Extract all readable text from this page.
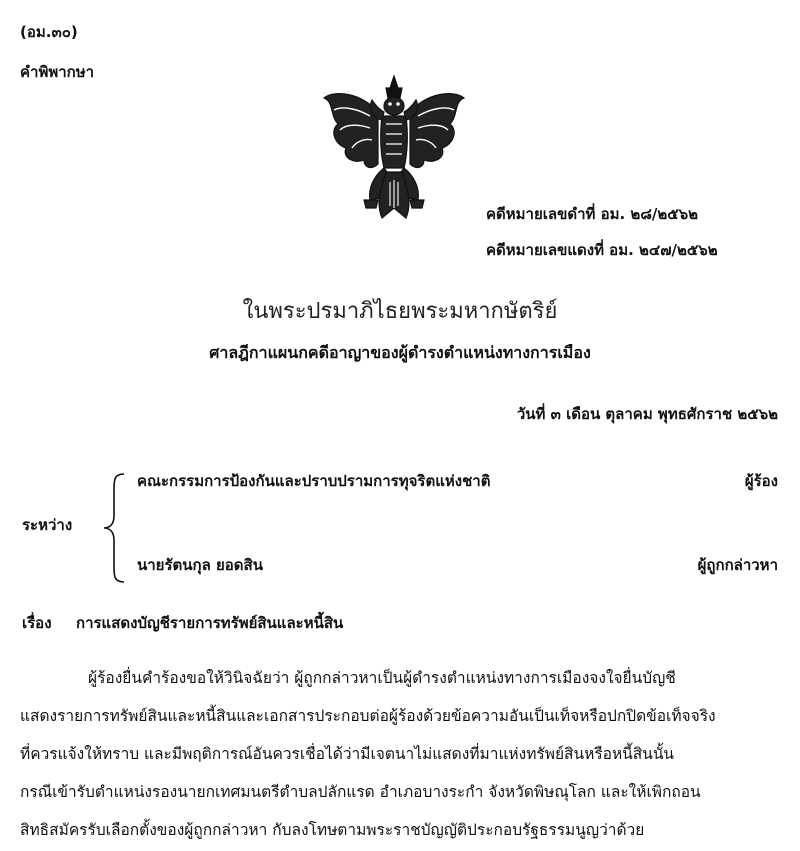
(อม.๓๐)
คำพิพากษา
คดีหมายเลขดำที่ อม. ๒๘/๒๕๖๒
คดีหมายเลขแดงที่ อม. ๒๔๗/๒๕๖๒
ในพระปรมาภิไธยพระมหากษัตริย์
ศาลฎีกาแผนกคดีอาญาของผู้ดำรงตำแหน่งทางการเมือง
วันที่ ๓ เดือน ตุลาคม พุทธศักราช ๒๕๖๒
ระหว่าง
คณะกรรมการป้องกันและปราบปรามการทุจริตแห่งชาติ	ผู้ร้อง
นายรัตนกุล ยอดสิน	ผู้ถูกกล่าวหา
เรื่อง การแสดงบัญชีรายการทรัพย์สินและหนี้สิน
ผู้ร้องยื่นคำร้องขอให้วินิจฉัยว่า ผู้ถูกกล่าวหาเป็นผู้ดำรงตำแหน่งทางการเมืองจงใจยื่นบัญชี
แสดงรายการทรัพย์สินและหนี้สินและเอกสารประกอบต่อผู้ร้องด้วยข้อความอันเป็นเท็จหรือปกปิดข้อเท็จจริง
ที่ควรแจ้งให้ทราบ และมีพฤติการณ์อันควรเชื่อได้ว่ามีเจตนาไม่แสดงที่มาแห่งทรัพย์สินหรือหนี้สินนั้น
กรณีเข้ารับตำแหน่งรองนายกเทศมนตรีตำบลปลักแรด อำเภอบางระกำ จังหวัดพิษณุโลก และให้เพิกถอน
สิทธิสมัครรับเลือกตั้งของผู้ถูกกล่าวหา กับลงโทษตามพระราชบัญญัติประกอบรัฐธรรมนูญว่าด้วย
